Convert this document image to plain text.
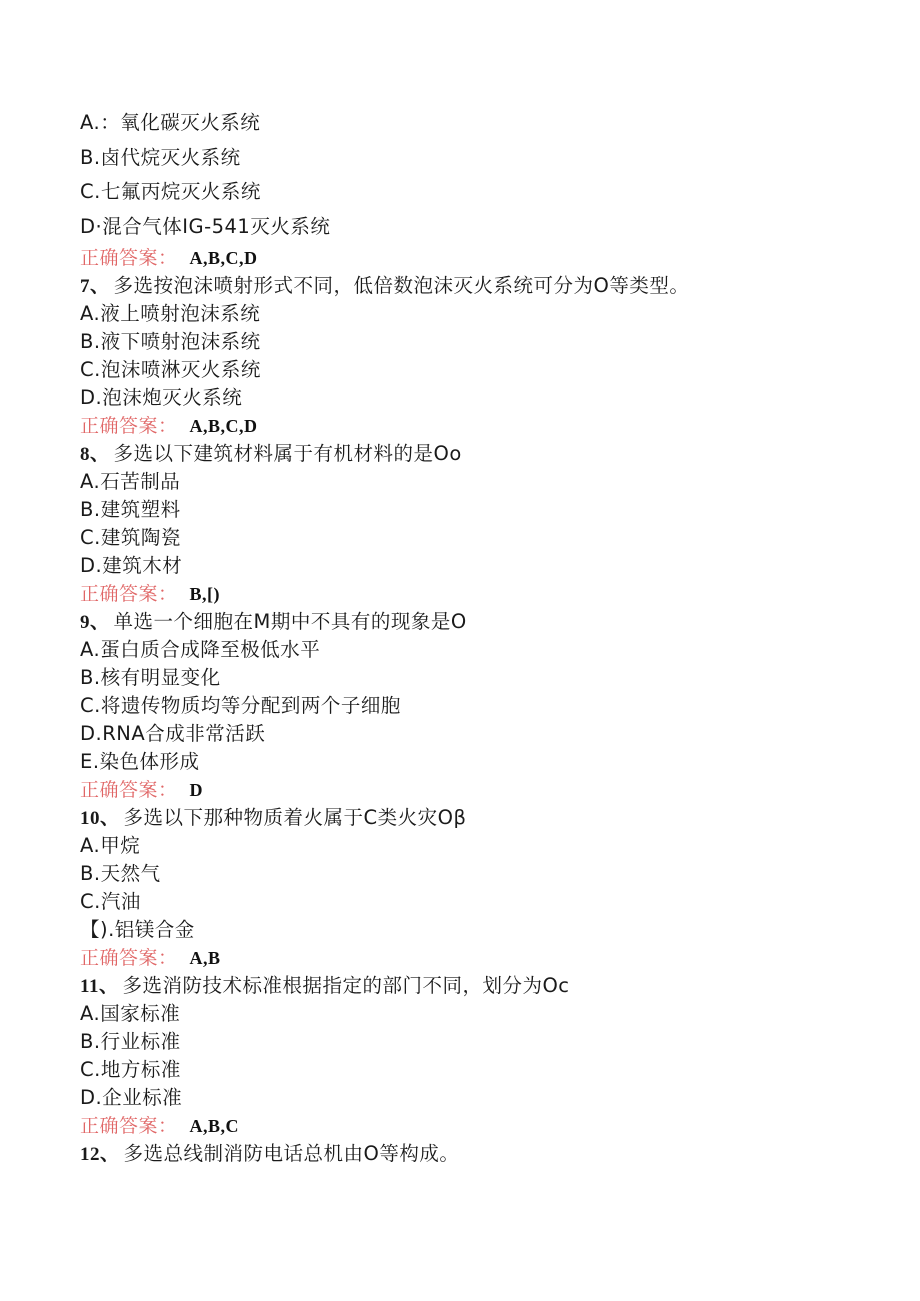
A.：氧化碳灭火系统
B.卤代烷灭火系统
C.七氟丙烷灭火系统
D·混合气体IG-541灭火系统
正确答案： A,B,C,D
7、 多选按泡沫喷射形式不同，低倍数泡沫灭火系统可分为O等类型。
A.液上喷射泡沫系统
B.液下喷射泡沫系统
C.泡沫喷淋灭火系统
D.泡沫炮灭火系统
正确答案： A,B,C,D
8、 多选以下建筑材料属于有机材料的是Oo
A.石苦制品
B.建筑塑料
C.建筑陶瓷
D.建筑木材
正确答案： B,[)
9、 单选一个细胞在M期中不具有的现象是O
A.蛋白质合成降至极低水平
B.核有明显变化
C.将遗传物质均等分配到两个子细胞
D.RNA合成非常活跃
E.染色体形成
正确答案： D
10、 多选以下那种物质着火属于C类火灾Oβ
A.甲烷
B.天然气
C.汽油
【).铝镁合金
正确答案： A,B
11、 多选消防技术标准根据指定的部门不同，划分为Oc
A.国家标准
B.行业标准
C.地方标准
D.企业标准
正确答案： A,B,C
12、 多选总线制消防电话总机由O等构成。
